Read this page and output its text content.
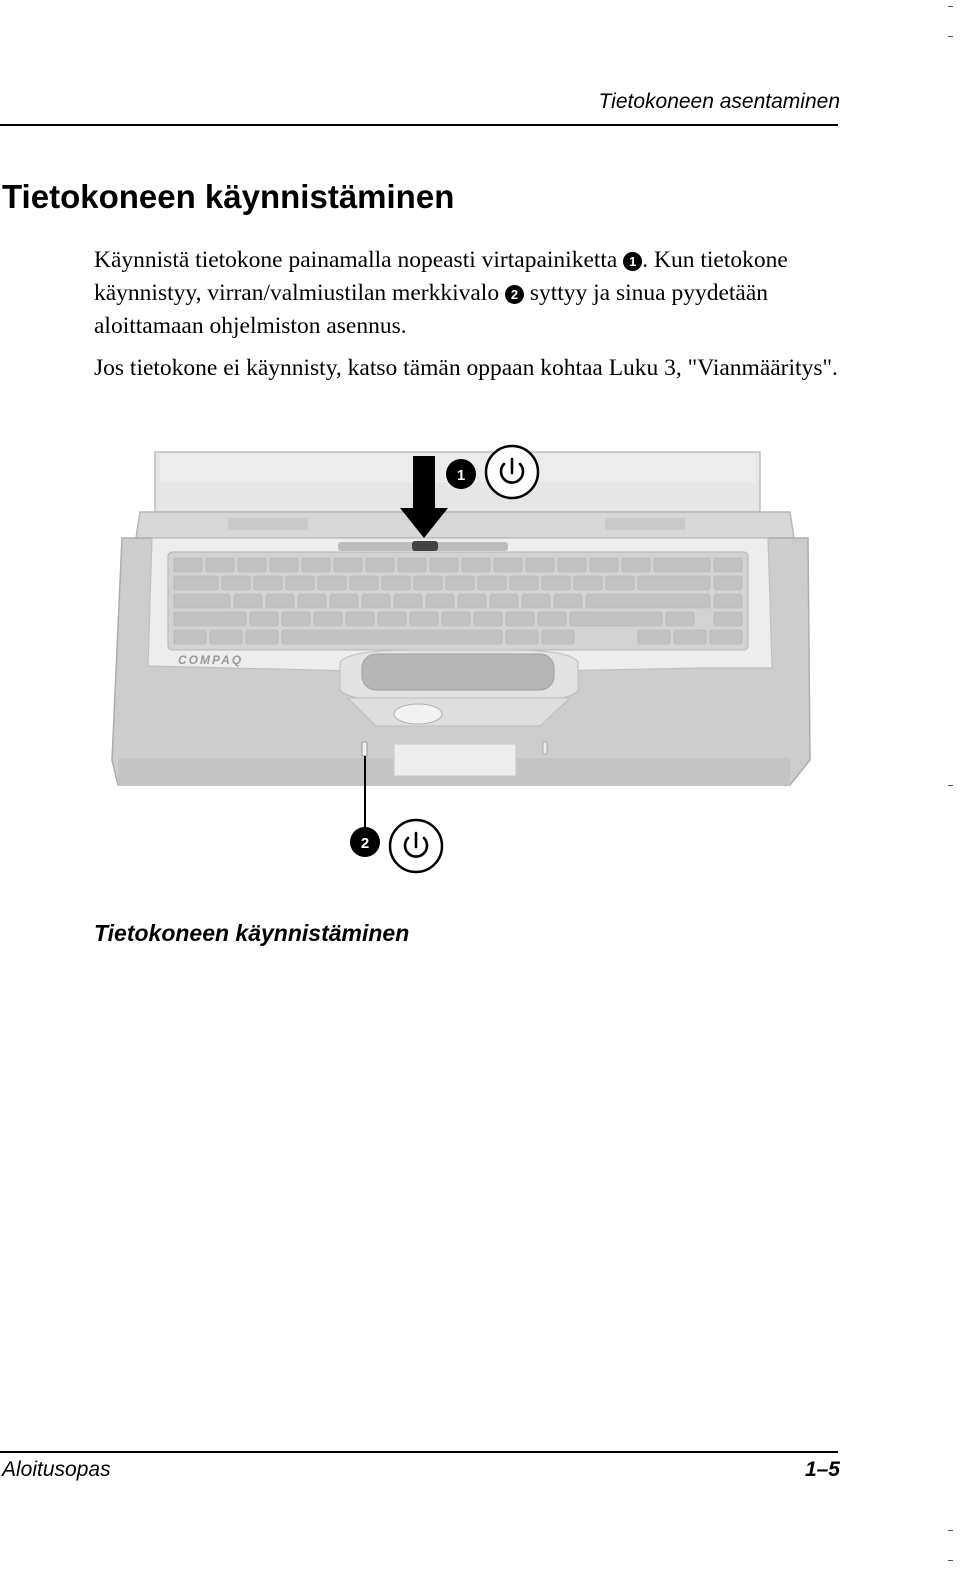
Tietokoneen asentaminen
Tietokoneen käynnistäminen

Käynnistä tietokone painamalla nopeasti virtapainiketta 1 . Kun tietokone käynnistyy, virran/valmiustilan merkkivalo 2 syttyy ja sinua pyydetään aloittamaan ohjelmiston asennus.

Jos tietokone ei käynnisty, katso tämän oppaan kohtaa Luku 3, "Vianmääritys".

COMPAQ
1
2
Tietokoneen käynnistäminen
Aloitusopas	1–5
